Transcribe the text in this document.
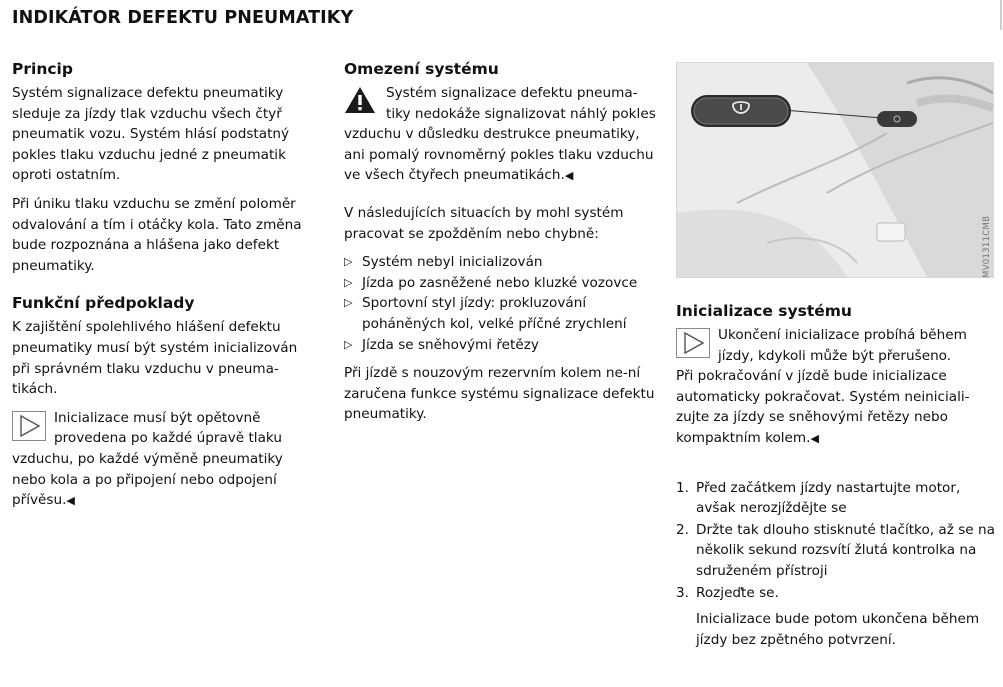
INDIKÁTOR DEFEKTU PNEUMATIKY
Princip

Systém signalizace defektu pneumatiky sleduje za jízdy tlak vzduchu všech čtyř pneumatik vozu. Systém hlásí podstatný pokles tlaku vzduchu jedné z pneumatik oproti ostatním.

Při úniku tlaku vzduchu se změní poloměr odvalování a tím i otáčky kola. Tato změna bude rozpoznána a hlášena jako defekt pneumatiky.

Funkční předpoklady

K zajištění spolehlivého hlášení defektu pneumatiky musí být systém inicializován při správném tlaku vzduchu v pneuma-tikách.

Inicializace musí být opětovně provedena po každé úpravě tlaku vzduchu, po každé výměně pneumatiky nebo kola a po připojení nebo odpojení přívěsu.◀
Omezení systému
Systém signalizace defektu pneuma-tiky nedokáže signalizovat náhlý pokles vzduchu v důsledku destrukce pneumatiky, ani pomalý rovnoměrný pokles tlaku vzduchu ve všech čtyřech pneumatikách.◀

V následujících situacích by mohl systém pracovat se zpožděním nebo chybně:

▷ Systém nebyl inicializován
▷ Jízda po zasněžené nebo kluzké vozovce
▷ Sportovní styl jízdy: prokluzování poháněných kol, velké příčné zrychlení
▷ Jízda se sněhovými řetězy

Při jízdě s nouzovým rezervním kolem ne-ní zaručena funkce systému signalizace defektu pneumatiky.

MV01311CMB
Inicializace systému
Ukončení inicializace probíhá během jízdy, kdykoli může být přerušeno.

Při pokračování v jízdě bude inicializace automaticky pokračovat. Systém neiniciali-zujte za jízdy se sněhovými řetězy nebo kompaktním kolem.◀

1. Před začátkem jízdy nastartujte motor, avšak nerozjíždějte se
2. Držte tak dlouho stisknuté tlačítko, až se na několik sekund rozsvítí žlutá kontrolka na sdruženém přístroji
3. Rozjeďte se.
Inicializace bude potom ukončena během jízdy bez zpětného potvrzení.
